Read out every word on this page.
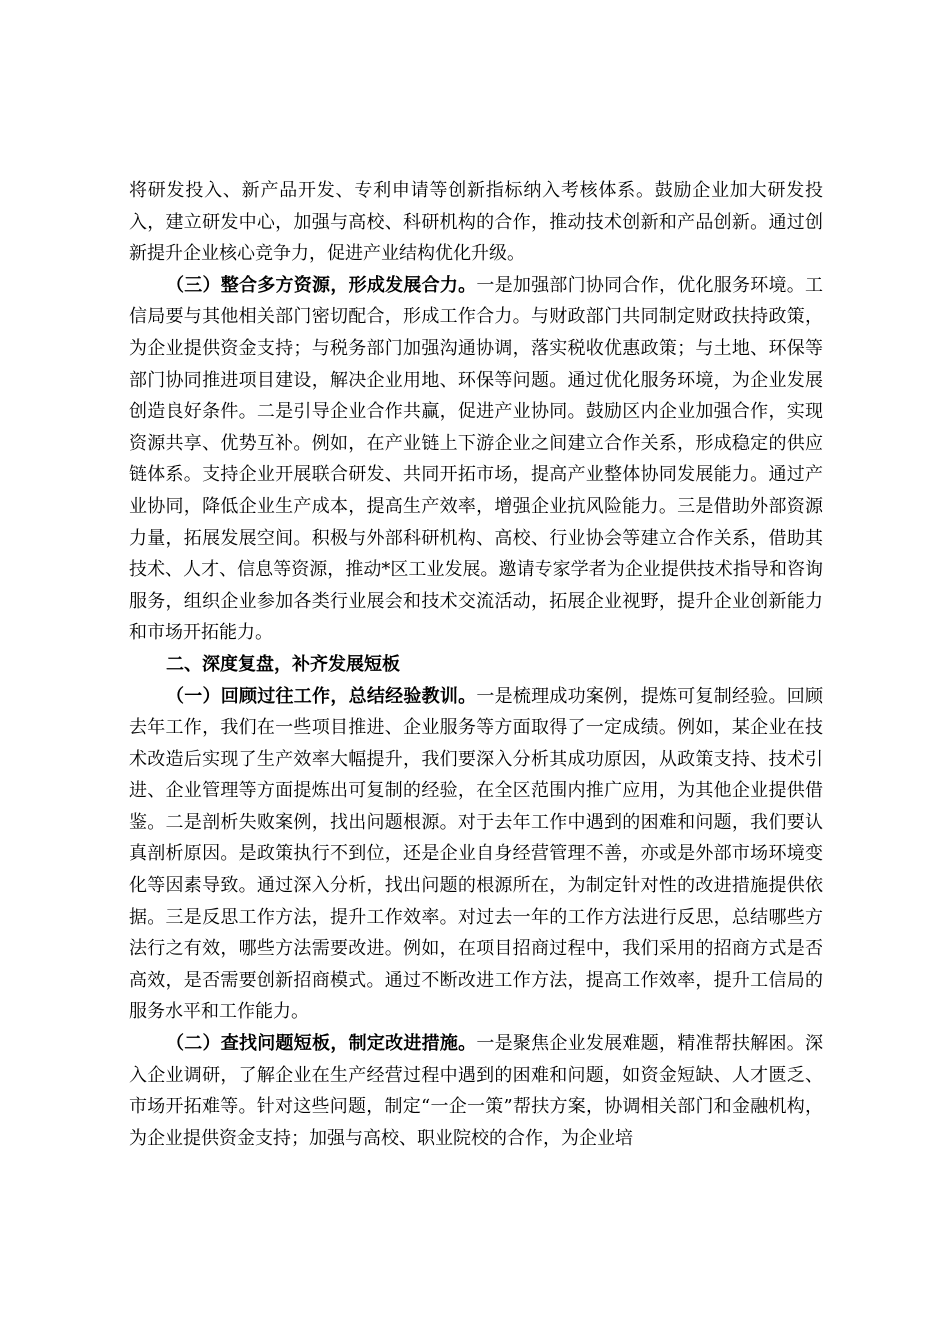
将研发投入、新产品开发、专利申请等创新指标纳入考核体系。鼓励企业加大研发投入，建立研发中心，加强与高校、科研机构的合作，推动技术创新和产品创新。通过创新提升企业核心竞争力，促进产业结构优化升级。

（三）整合多方资源，形成发展合力。一是加强部门协同合作，优化服务环境。工信局要与其他相关部门密切配合，形成工作合力。与财政部门共同制定财政扶持政策，为企业提供资金支持；与税务部门加强沟通协调，落实税收优惠政策；与土地、环保等部门协同推进项目建设，解决企业用地、环保等问题。通过优化服务环境，为企业发展创造良好条件。二是引导企业合作共赢，促进产业协同。鼓励区内企业加强合作，实现资源共享、优势互补。例如，在产业链上下游企业之间建立合作关系，形成稳定的供应链体系。支持企业开展联合研发、共同开拓市场，提高产业整体协同发展能力。通过产业协同，降低企业生产成本，提高生产效率，增强企业抗风险能力。三是借助外部资源力量，拓展发展空间。积极与外部科研机构、高校、行业协会等建立合作关系，借助其技术、人才、信息等资源，推动*区工业发展。邀请专家学者为企业提供技术指导和咨询服务，组织企业参加各类行业展会和技术交流活动，拓展企业视野，提升企业创新能力和市场开拓能力。

二、深度复盘，补齐发展短板

（一）回顾过往工作，总结经验教训。一是梳理成功案例，提炼可复制经验。回顾去年工作，我们在一些项目推进、企业服务等方面取得了一定成绩。例如，某企业在技术改造后实现了生产效率大幅提升，我们要深入分析其成功原因，从政策支持、技术引进、企业管理等方面提炼出可复制的经验，在全区范围内推广应用，为其他企业提供借鉴。二是剖析失败案例，找出问题根源。对于去年工作中遇到的困难和问题，我们要认真剖析原因。是政策执行不到位，还是企业自身经营管理不善，亦或是外部市场环境变化等因素导致。通过深入分析，找出问题的根源所在，为制定针对性的改进措施提供依据。三是反思工作方法，提升工作效率。对过去一年的工作方法进行反思，总结哪些方法行之有效，哪些方法需要改进。例如，在项目招商过程中，我们采用的招商方式是否高效，是否需要创新招商模式。通过不断改进工作方法，提高工作效率，提升工信局的服务水平和工作能力。

（二）查找问题短板，制定改进措施。一是聚焦企业发展难题，精准帮扶解困。深入企业调研，了解企业在生产经营过程中遇到的困难和问题，如资金短缺、人才匮乏、市场开拓难等。针对这些问题，制定“一企一策”帮扶方案，协调相关部门和金融机构，为企业提供资金支持；加强与高校、职业院校的合作，为企业培
